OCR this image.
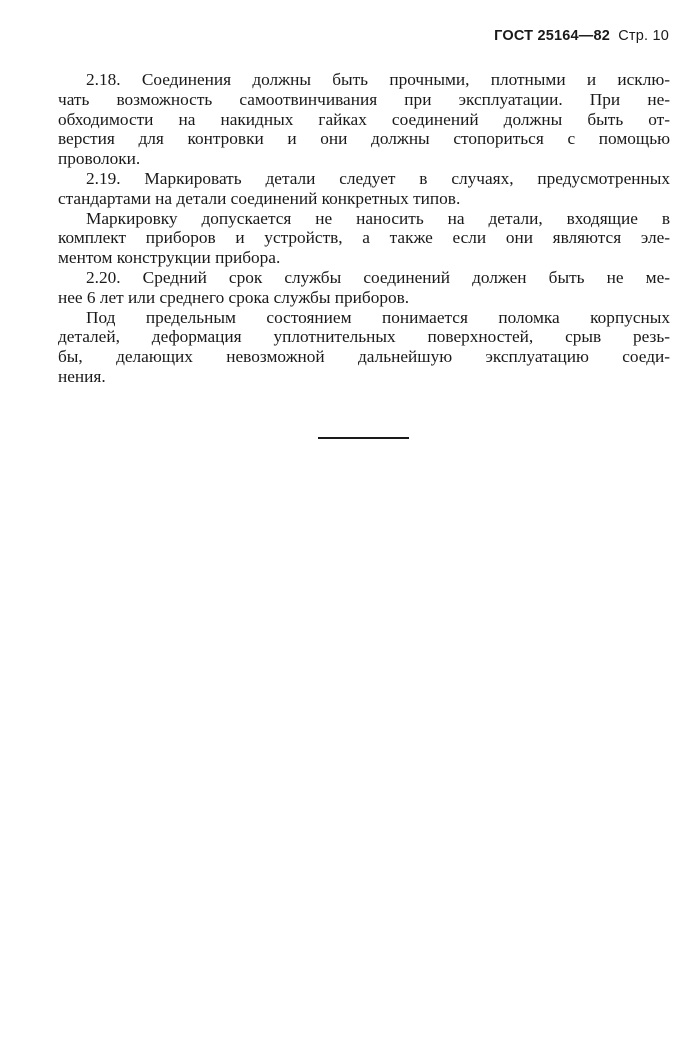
ГОСТ 25164—82 Стр. 10
2.18. Соединения должны быть прочными, плотными и исклю-
чать возможность самоотвинчивания при эксплуатации. При не-
обходимости на накидных гайках соединений должны быть от-
верстия для контровки и они должны стопориться с помощью
проволоки.
2.19. Маркировать детали следует в случаях, предусмотренных
стандартами на детали соединений конкретных типов.
Маркировку допускается не наносить на детали, входящие в
комплект приборов и устройств, а также если они являются эле-
ментом конструкции прибора.
2.20. Средний срок службы соединений должен быть не ме-
нее 6 лет или среднего срока службы приборов.
Под предельным состоянием понимается поломка корпусных
деталей, деформация уплотнительных поверхностей, срыв резь-
бы, делающих невозможной дальнейшую эксплуатацию соеди-
нения.
